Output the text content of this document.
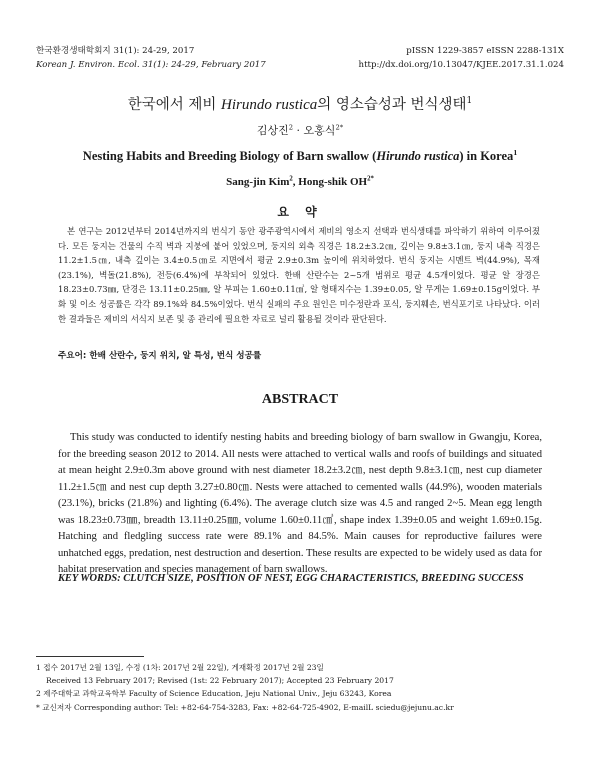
한국환경생태학회지 31(1): 24-29, 2017
Korean J. Environ. Ecol. 31(1): 24-29, February 2017
pISSN 1229-3857 eISSN 2288-131X
http://dx.doi.org/10.13047/KJEE.2017.31.1.024
한국에서 제비 Hirundo rustica의 영소습성과 번식생태$^1$
김상진$^2$ · 오홍식$^{2*}$
Nesting Habits and Breeding Biology of Barn swallow (Hirundo rustica) in Korea$^1$
Sang-jin Kim$^2$, Hong-shik $OH^{2*}$
요 약

본 연구는 2012년부터 2014년까지의 번식기 동안 광주광역시에서 제비의 영소지 선택과 번식생태를 파악하기 위하여 이루어졌다. 모든 둥지는 건물의 수직 벽과 지붕에 붙어 있었으며, 둥지의 외측 직경은 18.2±3.2㎝, 깊이는 9.8±3.1㎝, 둥지 내측 직경은 11.2±1.5㎝, 내측 깊이는 3.4±0.5㎝로 지면에서 평균 2.9±0.3m 높이에 위치하였다. 번식 둥지는 시멘트 벽(44.9%), 목재(23.1%), 벽돌(21.8%), 전등(6.4%)에 부착되어 있었다. 한배 산란수는 2~5개 범위로 평균 4.5개이었다. 평균 알 장경은 18.23±0.73㎜, 단경은 13.11±0.25㎜, 알 부피는 1.60±0.11㎤, 알 형태지수는 1.39±0.05, 알 무게는 1.69±0.15g이었다. 부화 및 이소 성공률은 각각 89.1%와 84.5%이었다. 번식 실패의 주요 원인은 미수정란과 포식, 둥지훼손, 번식포기로 나타났다. 이러한 결과들은 제비의 서식지 보존 및 종 관리에 필요한 자료로 널리 활용될 것이라 판단된다.

주요어: 한배 산란수, 둥지 위치, 알 특성, 번식 성공률
ABSTRACT

This study was conducted to identify nesting habits and breeding biology of barn swallow in Gwangju, Korea, for the breeding season 2012 to 2014. All nests were attached to vertical walls and roofs of buildings and situated at mean height 2.9±0.3m above ground with nest diameter 18.2±3.2㎝, nest depth 9.8±3.1㎝, nest cup diameter 11.2±1.5㎝ and nest cup depth 3.27±0.80㎝. Nests were attached to cemented walls (44.9%), wooden materials (23.1%), bricks (21.8%) and lighting (6.4%). The average clutch size was 4.5 and ranged 2~5. Mean egg length was 18.23±0.73㎜, breadth 13.11±0.25㎜, volume 1.60±0.11㎤, shape index 1.39±0.05 and weight 1.69±0.15g. Hatching and fledgling success rate were 89.1% and 84.5%. Main causes for reproductive failures were unhatched eggs, predation, nest destruction and desertion. These results are expected to be widely used as data for habitat preservation and species management of barn swallows.

KEY WORDS: CLUTCH SIZE, POSITION OF NEST, EGG CHARACTERISTICS, BREEDING SUCCESS
1 접수 2017년 2월 13일, 수정 (1차: 2017년 2월 22일), 게재확정 2017년 2월 23일
Received 13 February 2017; Revised (1st: 22 February 2017); Accepted 23 February 2017
2 제주대학교 과학교육학부 Faculty of Science Education, Jeju National Univ., Jeju 63243, Korea
* 교신저자 Corresponding author: Tel: +82-64-754-3283, Fax: +82-64-725-4902, E-mailL sciedu@jejunu.ac.kr
